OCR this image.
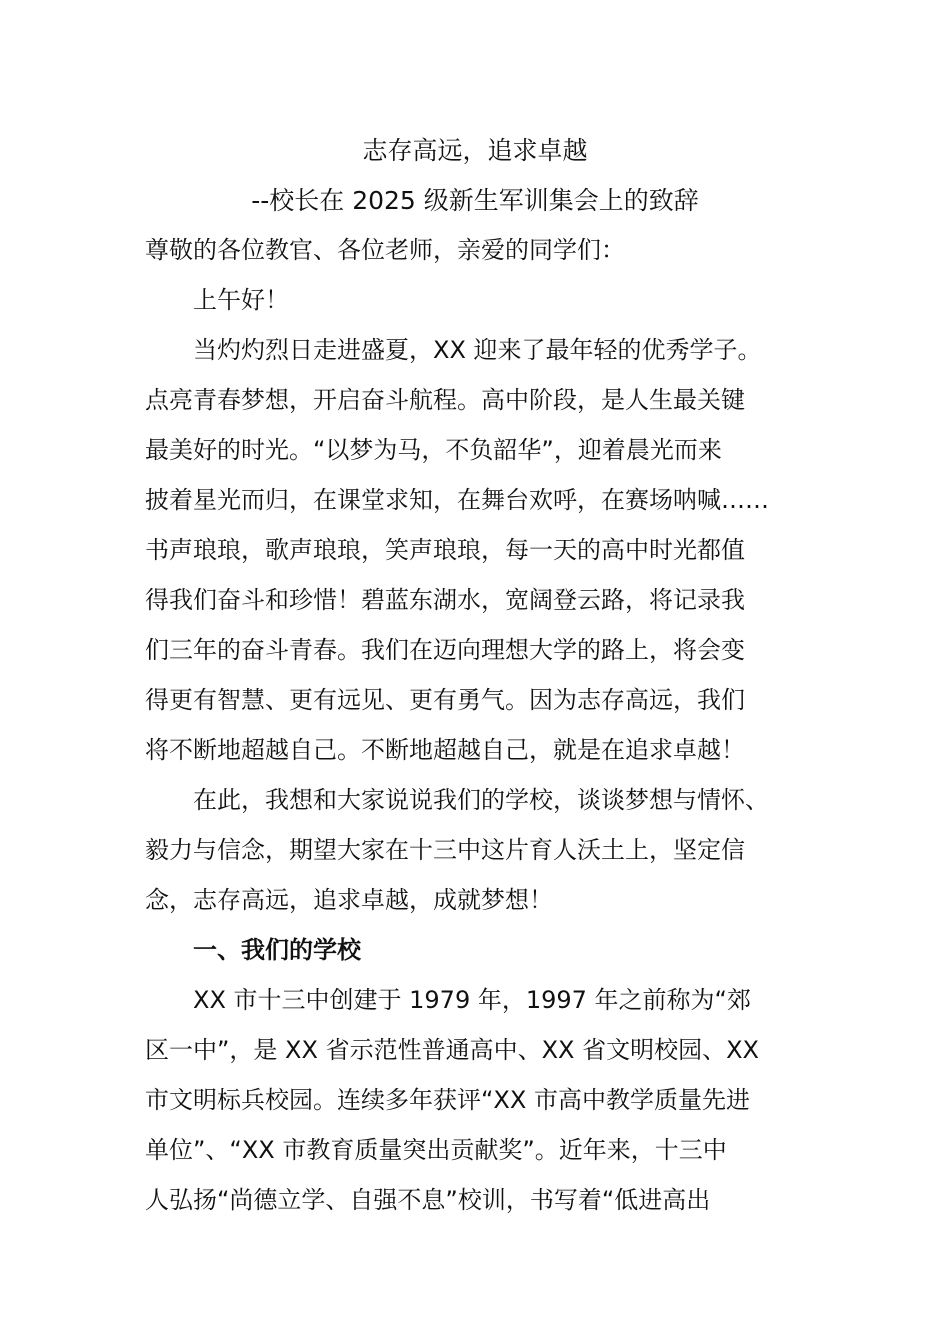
志存高远，追求卓越
--校长在 2025 级新生军训集会上的致辞
尊敬的各位教官、各位老师，亲爱的同学们：
　　上午好！
　　当灼灼烈日走进盛夏，XX 迎来了最年轻的优秀学子。
点亮青春梦想，开启奋斗航程。高中阶段，是人生最关键
最美好的时光。“以梦为马，不负韶华”，迎着晨光而来
披着星光而归，在课堂求知，在舞台欢呼，在赛场呐喊……
书声琅琅，歌声琅琅，笑声琅琅，每一天的高中时光都值
得我们奋斗和珍惜！碧蓝东湖水，宽阔登云路，将记录我
们三年的奋斗青春。我们在迈向理想大学的路上，将会变
得更有智慧、更有远见、更有勇气。因为志存高远，我们
将不断地超越自己。不断地超越自己，就是在追求卓越！
　　在此，我想和大家说说我们的学校，谈谈梦想与情怀、
毅力与信念，期望大家在十三中这片育人沃土上，坚定信
念，志存高远，追求卓越，成就梦想！
　　一、我们的学校
　　XX 市十三中创建于 1979 年，1997 年之前称为“郊
区一中”，是 XX 省示范性普通高中、XX 省文明校园、XX
市文明标兵校园。连续多年获评“XX 市高中教学质量先进
单位”、“XX 市教育质量突出贡献奖”。近年来，十三中
人弘扬“尚德立学、自强不息”校训，书写着“低进高出
